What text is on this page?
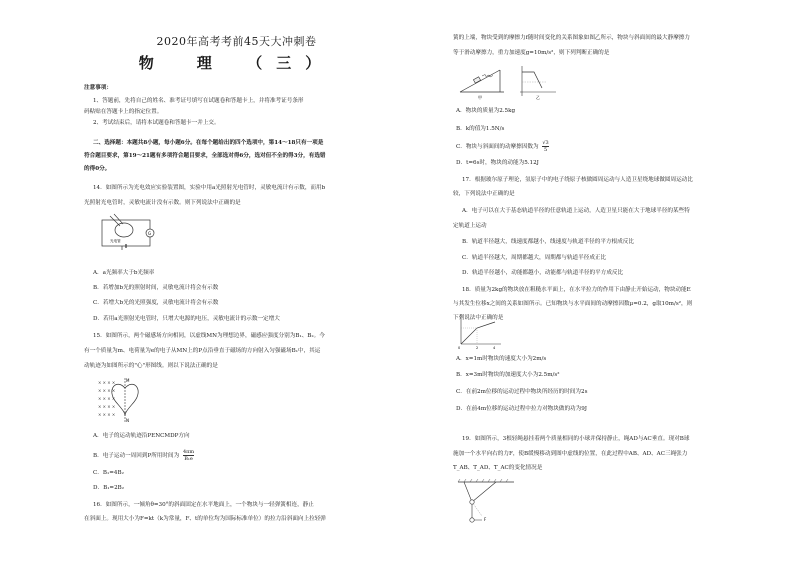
2020年高考考前45天大冲刺卷
物　理　（三）
注意事项：
1、答题前，先将自己的姓名、准考证号填写在试题卷和答题卡上，并将准考证号条形
码粘贴在答题卡上的指定位置。
2、考试结束后，请将本试题卷和答题卡一并上交。
二、选择题：本题共8小题，每小题6分。在每个题给出的四个选项中，第14～18只有一项是
符合题目要求，第19～21题有多项符合题目要求，全部选对得6分，选对但不全的得3分，有选错
的得0分。
14．如图所示为光电效应实验装置图，实验中用a光照射光电管时，灵敏电流计有示数，而用b
光照射光电管时，灵敏电流计没有示数。则下列说法中正确的是
G
光电管
A．a光频率大于b光频率
B．若增加b光的照射时间，灵敏电流计将会有示数
C．若增大b光的光照强度，灵敏电流计将会有示数
D．若用a光照射光电管时，只增大电源的电压，灵敏电流计的示数一定增大
15．如图所示，两个磁感场方向相同，以虚线MN为理想边界，磁感应强度分别为B₁、B₂。今
有一个质量为m、电荷量为e的电子从MN上的P点沿垂直于磁场的方向射入匀强磁场B₁中，其运
动轨迹为如图所示的"心"形图线。则以下说法正确的是
× × × ×
× × × ×
× × × ×
× × × ×
× × × ×
M
N
A．电子的运动轨迹沿PENCMDP方向
B．电子运动一周回到P所用时间为 $\frac{4\pi m}{\text{B₁e}}$
C．B₁=4B₂
D．B₁=2B₂
16．如图所示，一倾角θ=30°的斜面固定在水平地面上，一个物块与一轻弹簧相连，静止
在斜面上。现用大小为F=kt（k为常量，F、t的单位均为国际标准单位）的拉力沿斜面向上拉轻弹
簧的上端，物块受到的摩擦力f随时间变化的关系图象如图乙所示，物块与斜面间的最大静摩擦力
等于滑动摩擦力，重力加速度g=10m/s²，则下列判断正确的是
甲	乙
A．物块的质量为2.5kg
B．k的值为1.5N/s
C．物块与斜面间的动摩擦因数为 $\frac{√3}{5}$
D．t=6s时，物块的动能为5.12J
17．根据玻尔原子理论，氢原子中的电子绕原子核做圆周运动与人造卫星绕地球做圆周运动比
较，下列说法中正确的是
A．电子可以在大于基态轨道半径的任意轨道上运动，人造卫星只能在大于地球半径的某些特
定轨道上运动
B．轨道半径越大，线速度都越小，线速度与轨道半径的平方根成反比
C．轨道半径越大，周期都越大，周期都与轨道半径成正比
D．轨道半径越小，动能都越小，动能都与轨道半径的平方成反比
18．质量为2kg的物块放在粗糙水平面上，在水平拉力的作用下由静止开始运动，物块动能E
与其发生位移x之间的关系如图所示。已知物块与水平面间的动摩擦因数μ=0.2，g取10m/s²，则
下列说法中正确的是
0	2	4
A．x=1m时物块的速度大小为2m/s
B．x=3m时物块的加速度大小为2.5m/s²
C．在前2m位移的运动过程中物块所经历的时间为2s
D．在前4m位移的运动过程中拉力对物块做的功为9J
19．如图所示，3根轻绳悬挂着两个质量相同的小球并保持静止，绳AD与AC垂直。现对B球
施加一个水平向右的力F，使B缓慢移动到图中虚线的位置，在此过程中AB、AD、AC三绳张力
T_AB、T_AD、T_AC的变化情况是
F
